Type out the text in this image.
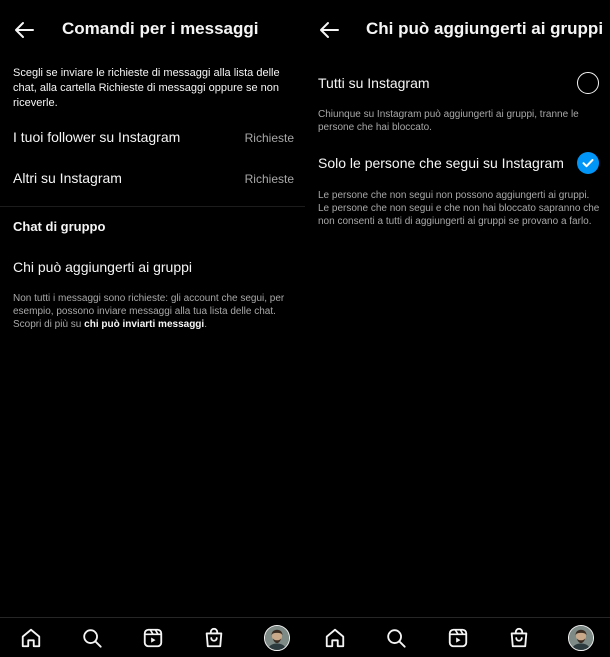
Comandi per i messaggi
Scegli se inviare le richieste di messaggi alla lista delle chat, alla cartella Richieste di messaggi oppure se non riceverle.
I tuoi follower su Instagram	Richieste
Altri su Instagram	Richieste
Chat di gruppo
Chi può aggiungerti ai gruppi
Non tutti i messaggi sono richieste: gli account che segui, per esempio, possono inviare messaggi alla tua lista delle chat. Scopri di più su chi può inviarti messaggi.
Chi può aggiungerti ai gruppi
Tutti su Instagram
Chiunque su Instagram può aggiungerti ai gruppi, tranne le persone che hai bloccato.
Solo le persone che segui su Instagram
Le persone che non segui non possono aggiungerti ai gruppi. Le persone che non segui e che non hai bloccato sapranno che non consenti a tutti di aggiungerti ai gruppi se provano a farlo.
